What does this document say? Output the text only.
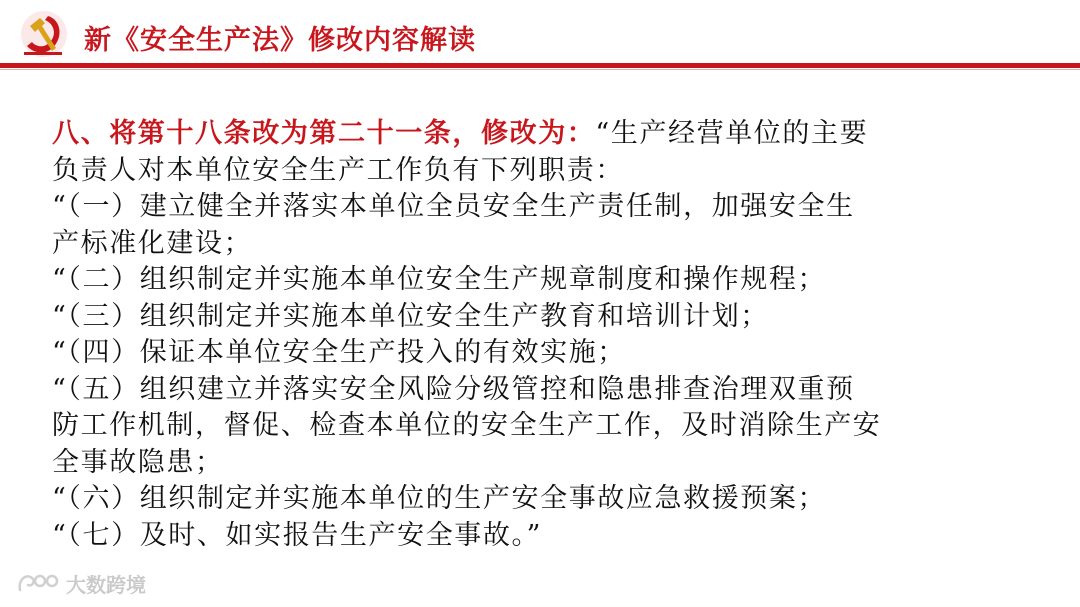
新《安全生产法》修改内容解读

八、将第十八条改为第二十一条，修改为：“生产经营单位的主要

负责人对本单位安全生产工作负有下列职责：

“（一）建立健全并落实本单位全员安全生产责任制，加强安全生

产标准化建设；

“（二）组织制定并实施本单位安全生产规章制度和操作规程；

“（三）组织制定并实施本单位安全生产教育和培训计划；

“（四）保证本单位安全生产投入的有效实施；

“（五）组织建立并落实安全风险分级管控和隐患排查治理双重预

防工作机制，督促、检查本单位的安全生产工作，及时消除生产安

全事故隐患；

“（六）组织制定并实施本单位的生产安全事故应急救援预案；

“（七）及时、如实报告生产安全事故。”

大数跨境
